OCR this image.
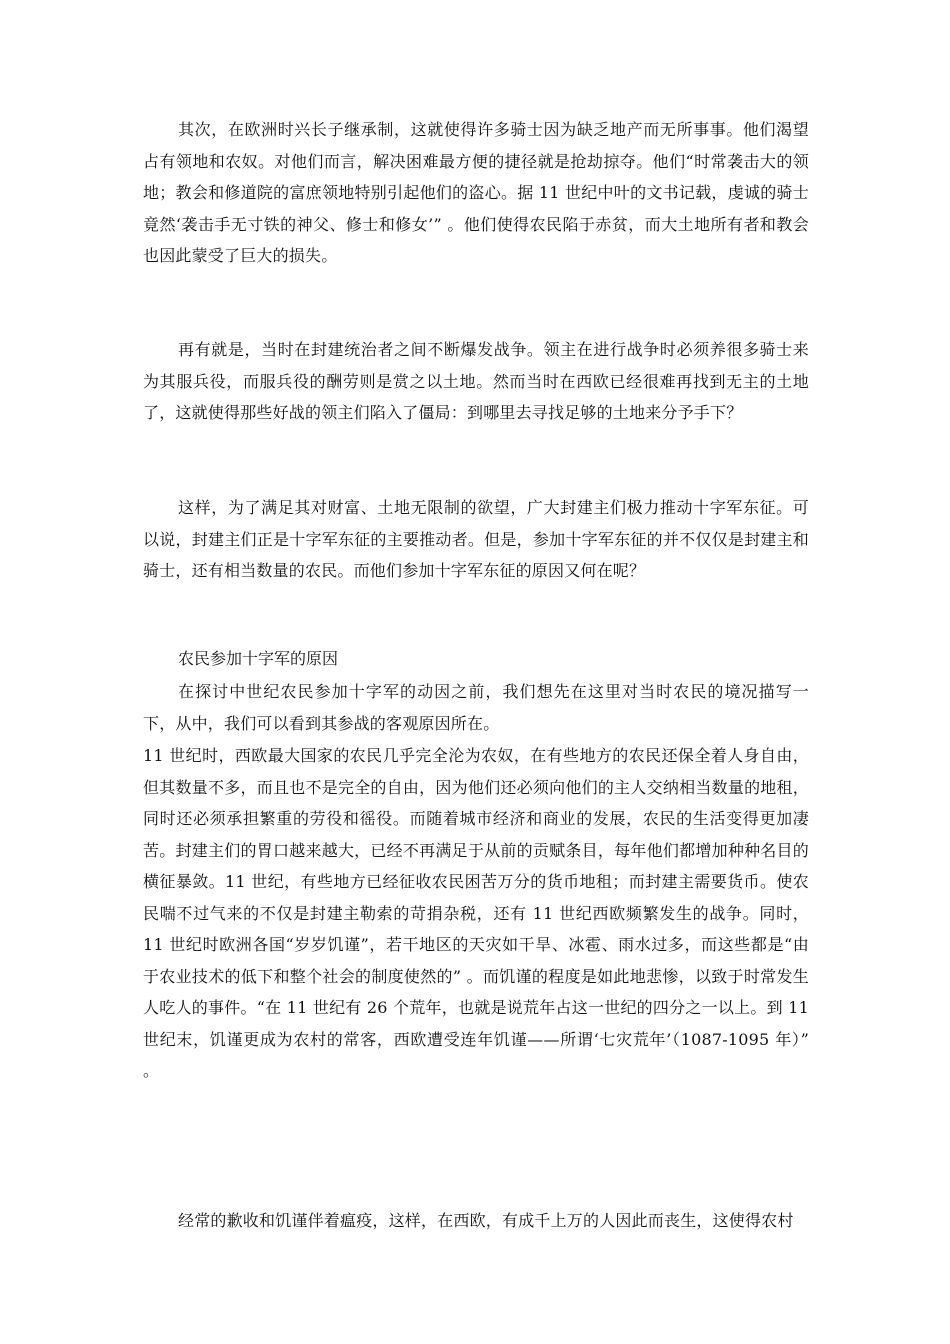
其次，在欧洲时兴长子继承制，这就使得许多骑士因为缺乏地产而无所事事。他们渴望占有领地和农奴。对他们而言，解决困难最方便的捷径就是抢劫掠夺。他们“时常袭击大的领地；教会和修道院的富庶领地特别引起他们的盗心。据 11 世纪中叶的文书记载，虔诚的骑士竟然‘袭击手无寸铁的神父、修士和修女’” 。他们使得农民陷于赤贫，而大土地所有者和教会也因此蒙受了巨大的损失。

再有就是，当时在封建统治者之间不断爆发战争。领主在进行战争时必须养很多骑士来为其服兵役，而服兵役的酬劳则是赏之以土地。然而当时在西欧已经很难再找到无主的土地了，这就使得那些好战的领主们陷入了僵局：到哪里去寻找足够的土地来分予手下？

这样，为了满足其对财富、土地无限制的欲望，广大封建主们极力推动十字军东征。可以说，封建主们正是十字军东征的主要推动者。但是，参加十字军东征的并不仅仅是封建主和骑士，还有相当数量的农民。而他们参加十字军东征的原因又何在呢？

农民参加十字军的原因

在探讨中世纪农民参加十字军的动因之前，我们想先在这里对当时农民的境况描写一下，从中，我们可以看到其参战的客观原因所在。

11 世纪时，西欧最大国家的农民几乎完全沦为农奴，在有些地方的农民还保全着人身自由，但其数量不多，而且也不是完全的自由，因为他们还必须向他们的主人交纳相当数量的地租，同时还必须承担繁重的劳役和徭役。而随着城市经济和商业的发展，农民的生活变得更加凄苦。封建主们的胃口越来越大，已经不再满足于从前的贡赋条目，每年他们都增加种种名目的横征暴敛。11 世纪，有些地方已经征收农民困苦万分的货币地租；而封建主需要货币。使农民喘不过气来的不仅是封建主勒索的苛捐杂税，还有 11 世纪西欧频繁发生的战争。同时，11 世纪时欧洲各国“岁岁饥谨”，若干地区的天灾如干旱、冰雹、雨水过多，而这些都是“由于农业技术的低下和整个社会的制度使然的” 。而饥谨的程度是如此地悲惨，以致于时常发生人吃人的事件。“在 11 世纪有 26 个荒年，也就是说荒年占这一世纪的四分之一以上。到 11 世纪末，饥谨更成为农村的常客，西欧遭受连年饥谨——所谓‘七灾荒年’（1087-1095 年）” 。

经常的歉收和饥谨伴着瘟疫，这样，在西欧，有成千上万的人因此而丧生，这使得农村
